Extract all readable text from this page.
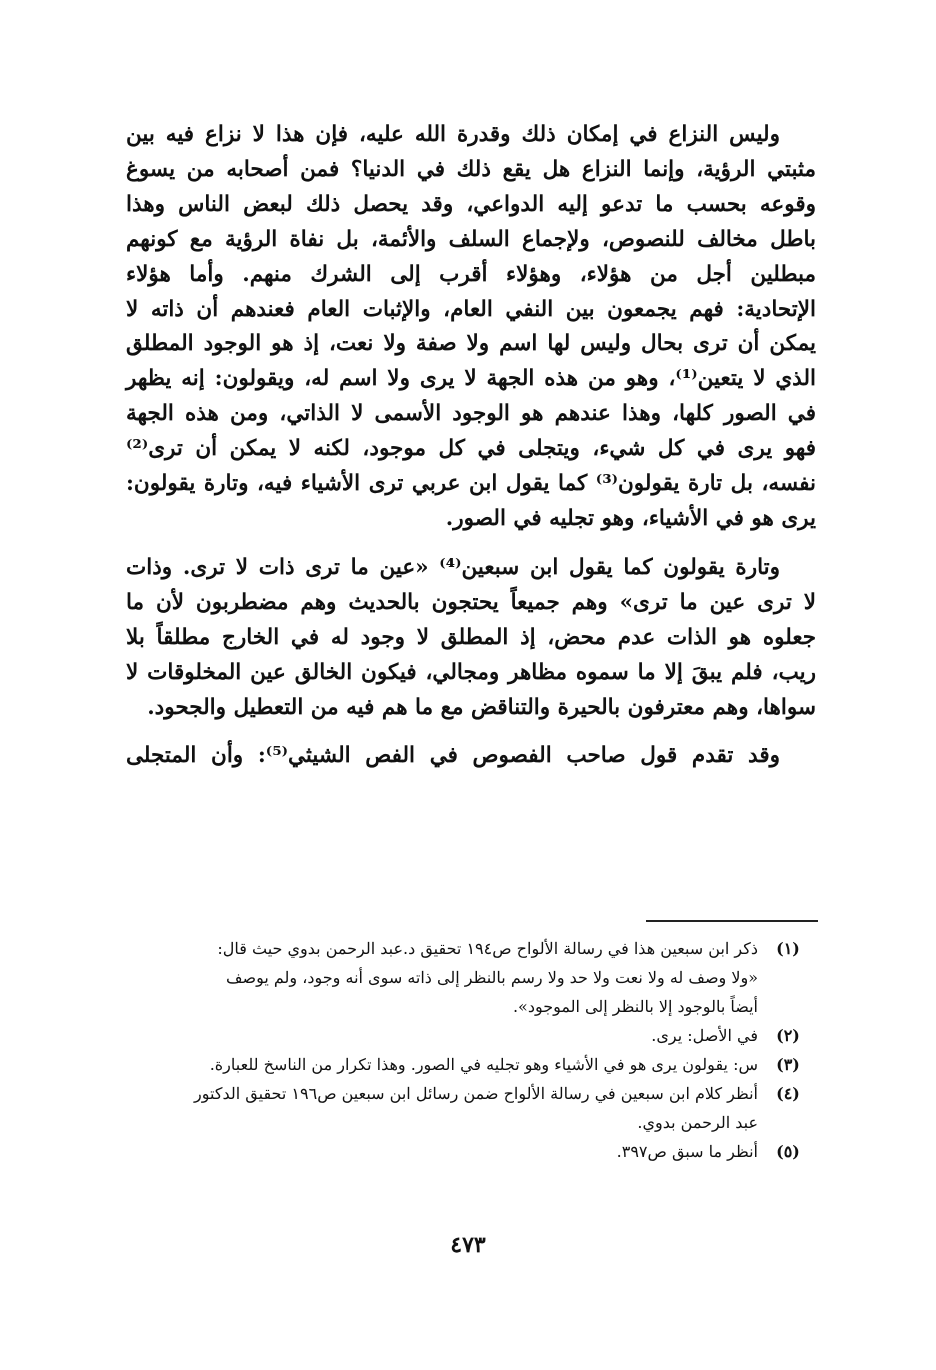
وليس النزاع في إمكان ذلك وقدرة الله عليه، فإن هذا لا نزاع فيه بين
مثبتي الرؤية، وإنما النزاع هل يقع ذلك في الدنيا؟ فمن أصحابه من يسوغ
وقوعه بحسب ما تدعو إليه الدواعي، وقد يحصل ذلك لبعض الناس وهذا
باطل مخالف للنصوص، ولإجماع السلف والأئمة، بل نفاة الرؤية مع كونهم
مبطلين أجل من هؤلاء، وهؤلاء أقرب إلى الشرك منهم. وأما هؤلاء
الإتحادية: فهم يجمعون بين النفي العام، والإثبات العام فعندهم أن ذاته لا
يمكن أن ترى بحال وليس لها اسم ولا صفة ولا نعت، إذ هو الوجود المطلق
الذي لا يتعين⁽¹⁾، وهو من هذه الجهة لا يرى ولا اسم له، ويقولون: إنه يظهر
في الصور كلها، وهذا عندهم هو الوجود الأسمى لا الذاتي، ومن هذه الجهة
فهو يرى في كل شيء، ويتجلى في كل موجود، لكنه لا يمكن أن ترى⁽²⁾
نفسه، بل تارة يقولون⁽³⁾ كما يقول ابن عربي ترى الأشياء فيه، وتارة يقولون:
يرى هو في الأشياء، وهو تجليه في الصور.

وتارة يقولون كما يقول ابن سبعين⁽⁴⁾ «عين ما ترى ذات لا ترى. وذات
لا ترى عين ما ترى» وهم جميعاً يحتجون بالحديث وهم مضطربون لأن ما
جعلوه هو الذات عدم محض، إذ المطلق لا وجود له في الخارج مطلقاً بلا
ريب، فلم يبقَ إلا ما سموه مظاهر ومجالي، فيكون الخالق عين المخلوقات لا
سواها، وهم معترفون بالحيرة والتناقض مع ما هم فيه من التعطيل والجحود.

وقد تقدم قول صاحب الفصوص في الفص الشيثي⁽⁵⁾: وأن المتجلى

(١)
ذكر ابن سبعين هذا في رسالة الألواح ص١٩٤ تحقيق د.عبد الرحمن بدوي حيث قال:
«ولا وصف له ولا نعت ولا حد ولا رسم بالنظر إلى ذاته سوى أنه وجود، ولم يوصف
أيضاً بالوجود إلا بالنظر إلى الموجود».
(٢)
في الأصل: يرى.
(٣)
س: يقولون يرى هو في الأشياء وهو تجليه في الصور. وهذا تكرار من الناسخ للعبارة.
(٤)
أنظر كلام ابن سبعين في رسالة الألواح ضمن رسائل ابن سبعين ص١٩٦ تحقيق الدكتور
عبد الرحمن بدوي.
(٥)
أنظر ما سبق ص٣٩٧.
٤٧٣
